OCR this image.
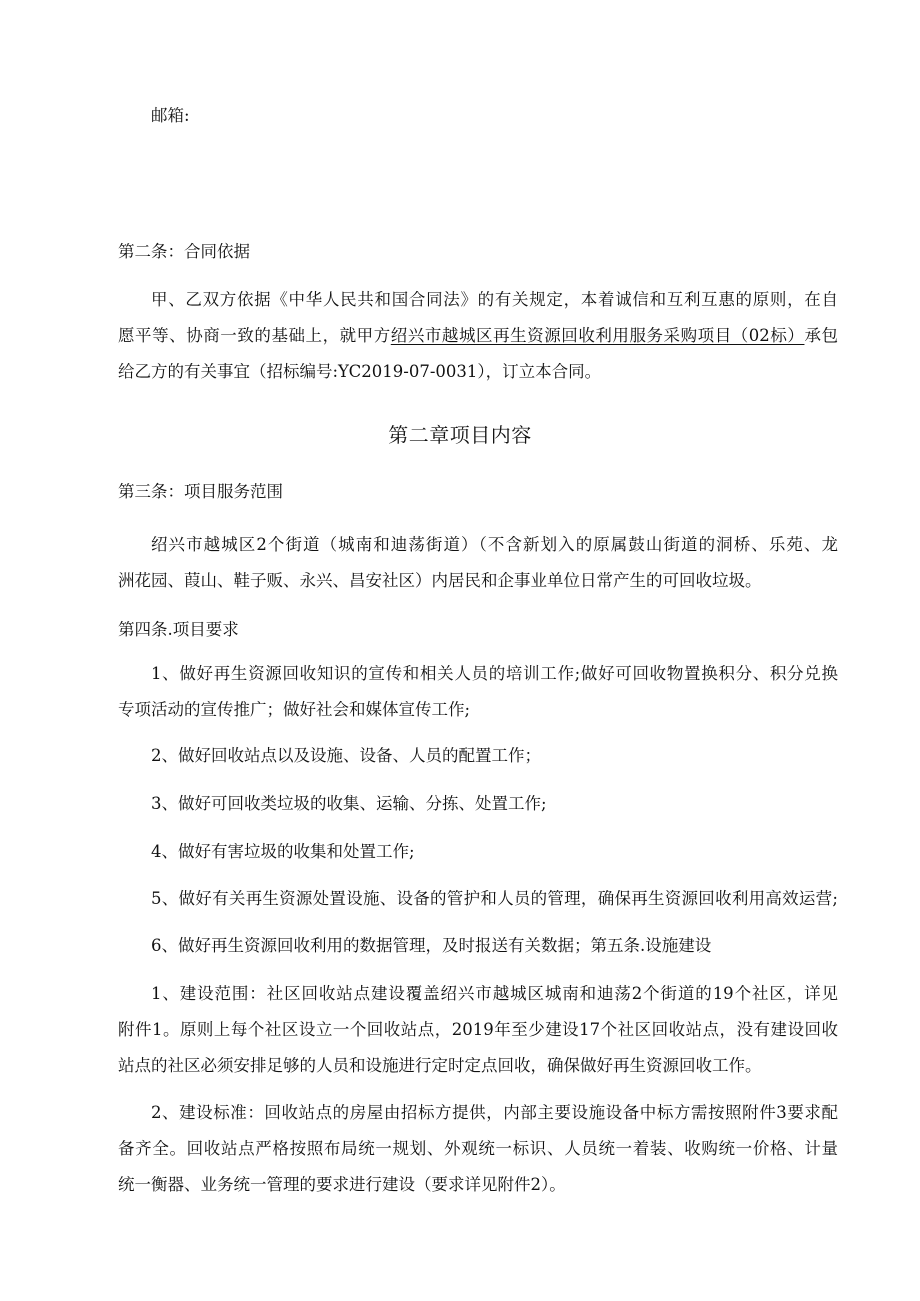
邮箱:
第二条：合同依据
甲、乙双方依据《中华人民共和国合同法》的有关规定，本着诚信和互利互惠的原则，在自
愿平等、协商一致的基础上，就甲方绍兴市越城区再生资源回收利用服务采购项目（02标）承包
给乙方的有关事宜（招标编号:YC2019-07-0031），订立本合同。
第二章项目内容
第三条：项目服务范围
绍兴市越城区2个街道（城南和迪荡街道）（不含新划入的原属鼓山街道的洞桥、乐苑、龙
洲花园、葭山、鞋子贩、永兴、昌安社区）内居民和企事业单位日常产生的可回收垃圾。
第四条.项目要求
1、做好再生资源回收知识的宣传和相关人员的培训工作;做好可回收物置换积分、积分兑换
专项活动的宣传推广；做好社会和媒体宣传工作;
2、做好回收站点以及设施、设备、人员的配置工作；
3、做好可回收类垃圾的收集、运输、分拣、处置工作;
4、做好有害垃圾的收集和处置工作;
5、做好有关再生资源处置设施、设备的管护和人员的管理，确保再生资源回收利用高效运营;
6、做好再生资源回收利用的数据管理，及时报送有关数据；第五条.设施建设
1、建设范围：社区回收站点建设覆盖绍兴市越城区城南和迪荡2个街道的19个社区，详见
附件1。原则上每个社区设立一个回收站点，2019年至少建设17个社区回收站点，没有建设回收
站点的社区必须安排足够的人员和设施进行定时定点回收，确保做好再生资源回收工作。
2、建设标准：回收站点的房屋由招标方提供，内部主要设施设备中标方需按照附件3要求配
备齐全。回收站点严格按照布局统一规划、外观统一标识、人员统一着装、收购统一价格、计量
统一衡器、业务统一管理的要求进行建设（要求详见附件2）。
